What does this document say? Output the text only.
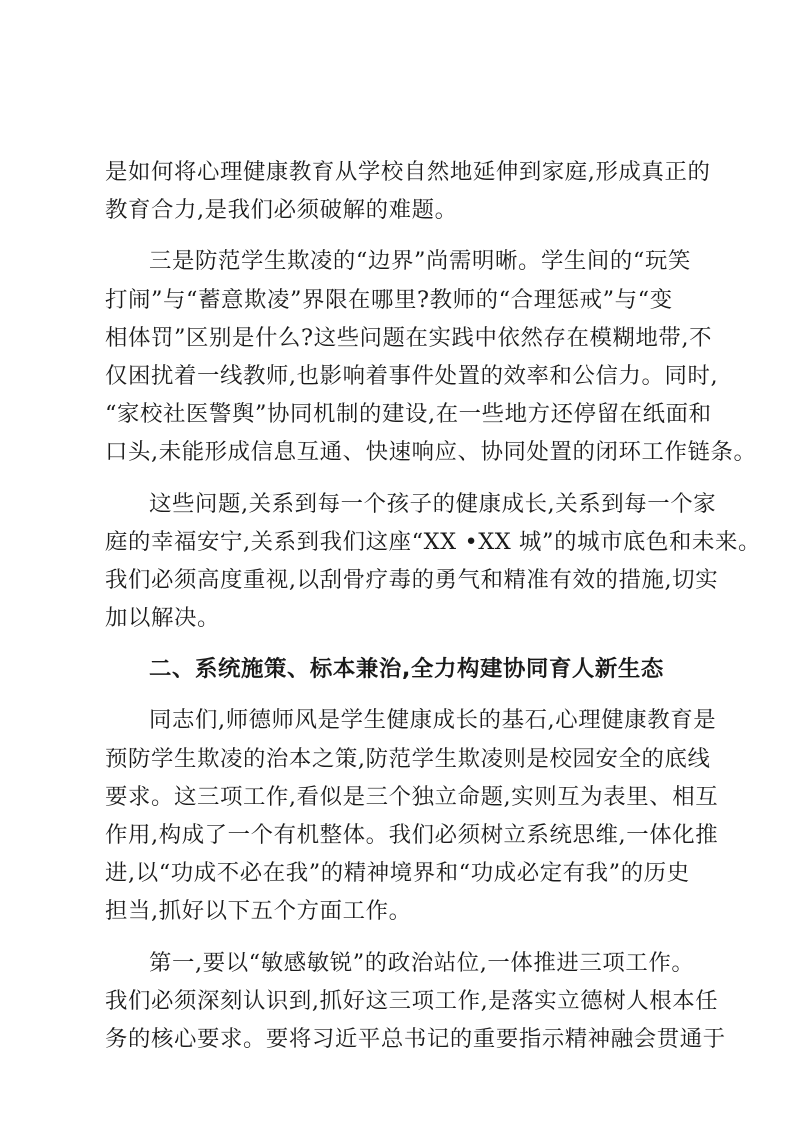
是如何将心理健康教育从学校自然地延伸到家庭,形成真正的
教育合力,是我们必须破解的难题。
三是防范学生欺凌的“边界”尚需明晰。学生间的“玩笑
打闹”与“蓄意欺凌”界限在哪里?教师的“合理惩戒”与“变
相体罚”区别是什么?这些问题在实践中依然存在模糊地带,不
仅困扰着一线教师,也影响着事件处置的效率和公信力。同时,
“家校社医警舆”协同机制的建设,在一些地方还停留在纸面和
口头,未能形成信息互通、快速响应、协同处置的闭环工作链条。
这些问题,关系到每一个孩子的健康成长,关系到每一个家
庭的幸福安宁,关系到我们这座“XX •XX 城”的城市底色和未来。
我们必须高度重视,以刮骨疗毒的勇气和精准有效的措施,切实
加以解决。
二、系统施策、标本兼治,全力构建协同育人新生态
同志们,师德师风是学生健康成长的基石,心理健康教育是
预防学生欺凌的治本之策,防范学生欺凌则是校园安全的底线
要求。这三项工作,看似是三个独立命题,实则互为表里、相互
作用,构成了一个有机整体。我们必须树立系统思维,一体化推
进,以“功成不必在我”的精神境界和“功成必定有我”的历史
担当,抓好以下五个方面工作。
第一,要以“敏感敏锐”的政治站位,一体推进三项工作。
我们必须深刻认识到,抓好这三项工作,是落实立德树人根本任
务的核心要求。要将习近平总书记的重要指示精神融会贯通于
